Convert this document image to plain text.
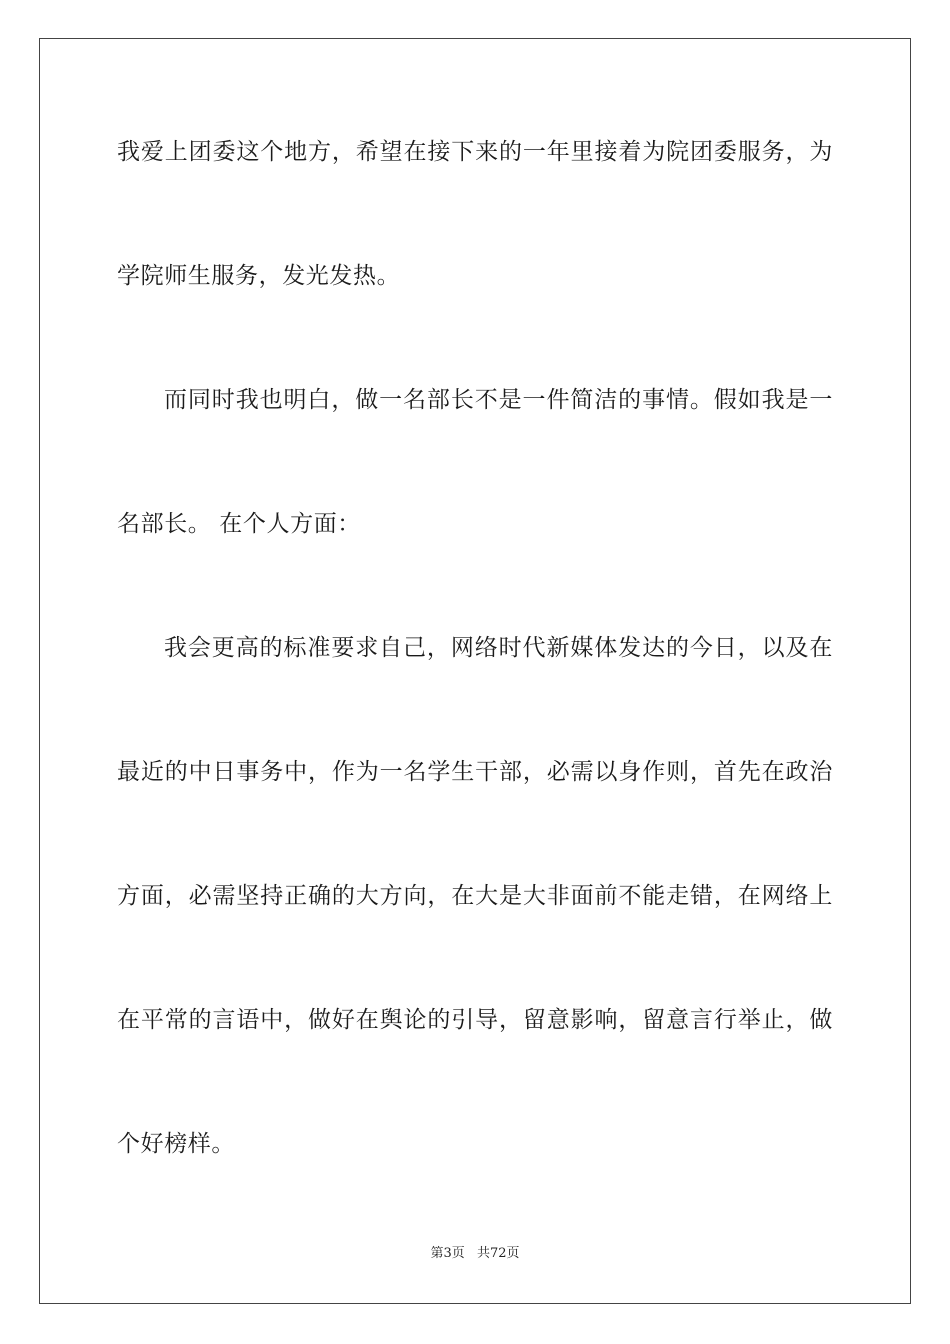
我爱上团委这个地方，希望在接下来的一年里接着为院团委服务，为
学院师生服务，发光发热。
而同时我也明白，做一名部长不是一件简洁的事情。假如我是一
名部长。 在个人方面：
我会更高的标准要求自己，网络时代新媒体发达的今日，以及在
最近的中日事务中，作为一名学生干部，必需以身作则，首先在政治
方面，必需坚持正确的大方向，在大是大非面前不能走错，在网络上
在平常的言语中，做好在舆论的引导，留意影响，留意言行举止，做
个好榜样。
第3页 共72页
